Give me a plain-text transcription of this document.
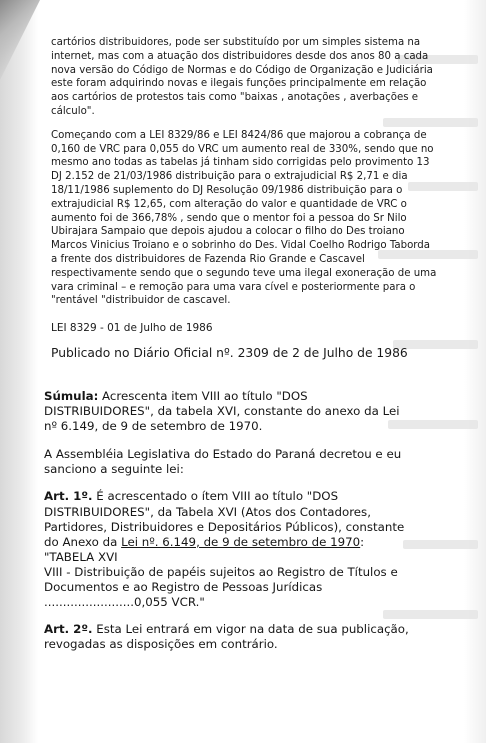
cartórios distribuidores, pode ser substituído por um simples sistema na
internet, mas com a atuação dos distribuidores desde dos anos 80 a cada
nova versão do Código de Normas e do Código de Organização e Judiciária
este foram adquirindo novas e ilegais funções principalmente em relação
aos cartórios de protestos tais como "baixas , anotações , averbações e
cálculo".

Começando com a LEI 8329/86 e LEI 8424/86 que majorou a cobrança de
0,160 de VRC para 0,055 do VRC um aumento real de 330%, sendo que no
mesmo ano todas as tabelas já tinham sido corrigidas pelo provimento 13
DJ 2.152 de 21/03/1986 distribuição para o extrajudicial R$ 2,71 e dia
18/11/1986 suplemento do DJ Resolução 09/1986 distribuição para o
extrajudicial R$ 12,65, com alteração do valor e quantidade de VRC o
aumento foi de 366,78% , sendo que o mentor foi a pessoa do Sr Nilo
Ubirajara Sampaio que depois ajudou a colocar o filho do Des troiano
Marcos Vinicius Troiano e o sobrinho do Des. Vidal Coelho Rodrigo Taborda
a frente dos distribuidores de Fazenda Rio Grande e Cascavel
respectivamente sendo que o segundo teve uma ilegal exoneração de uma
vara criminal – e remoção para uma vara cível e posteriormente para o
"rentável "distribuidor de cascavel.

LEI 8329 - 01 de Julho de 1986

Publicado no Diário Oficial nº. 2309 de 2 de Julho de 1986

Súmula: Acrescenta item VIII ao título "DOS
DISTRIBUIDORES", da tabela XVI, constante do anexo da Lei
nº 6.149, de 9 de setembro de 1970.

A Assembléia Legislativa do Estado do Paraná decretou e eu
sanciono a seguinte lei:

Art. 1º. É acrescentado o ítem VIII ao título "DOS
DISTRIBUIDORES", da Tabela XVI (Atos dos Contadores,
Partidores, Distribuidores e Depositários Públicos), constante
do Anexo da Lei nº. 6.149, de 9 de setembro de 1970:
"TABELA XVI
VIII - Distribuição de papéis sujeitos ao Registro de Títulos e
Documentos e ao Registro de Pessoas Jurídicas
........................0,055 VCR."

Art. 2º. Esta Lei entrará em vigor na data de sua publicação,
revogadas as disposições em contrário.
